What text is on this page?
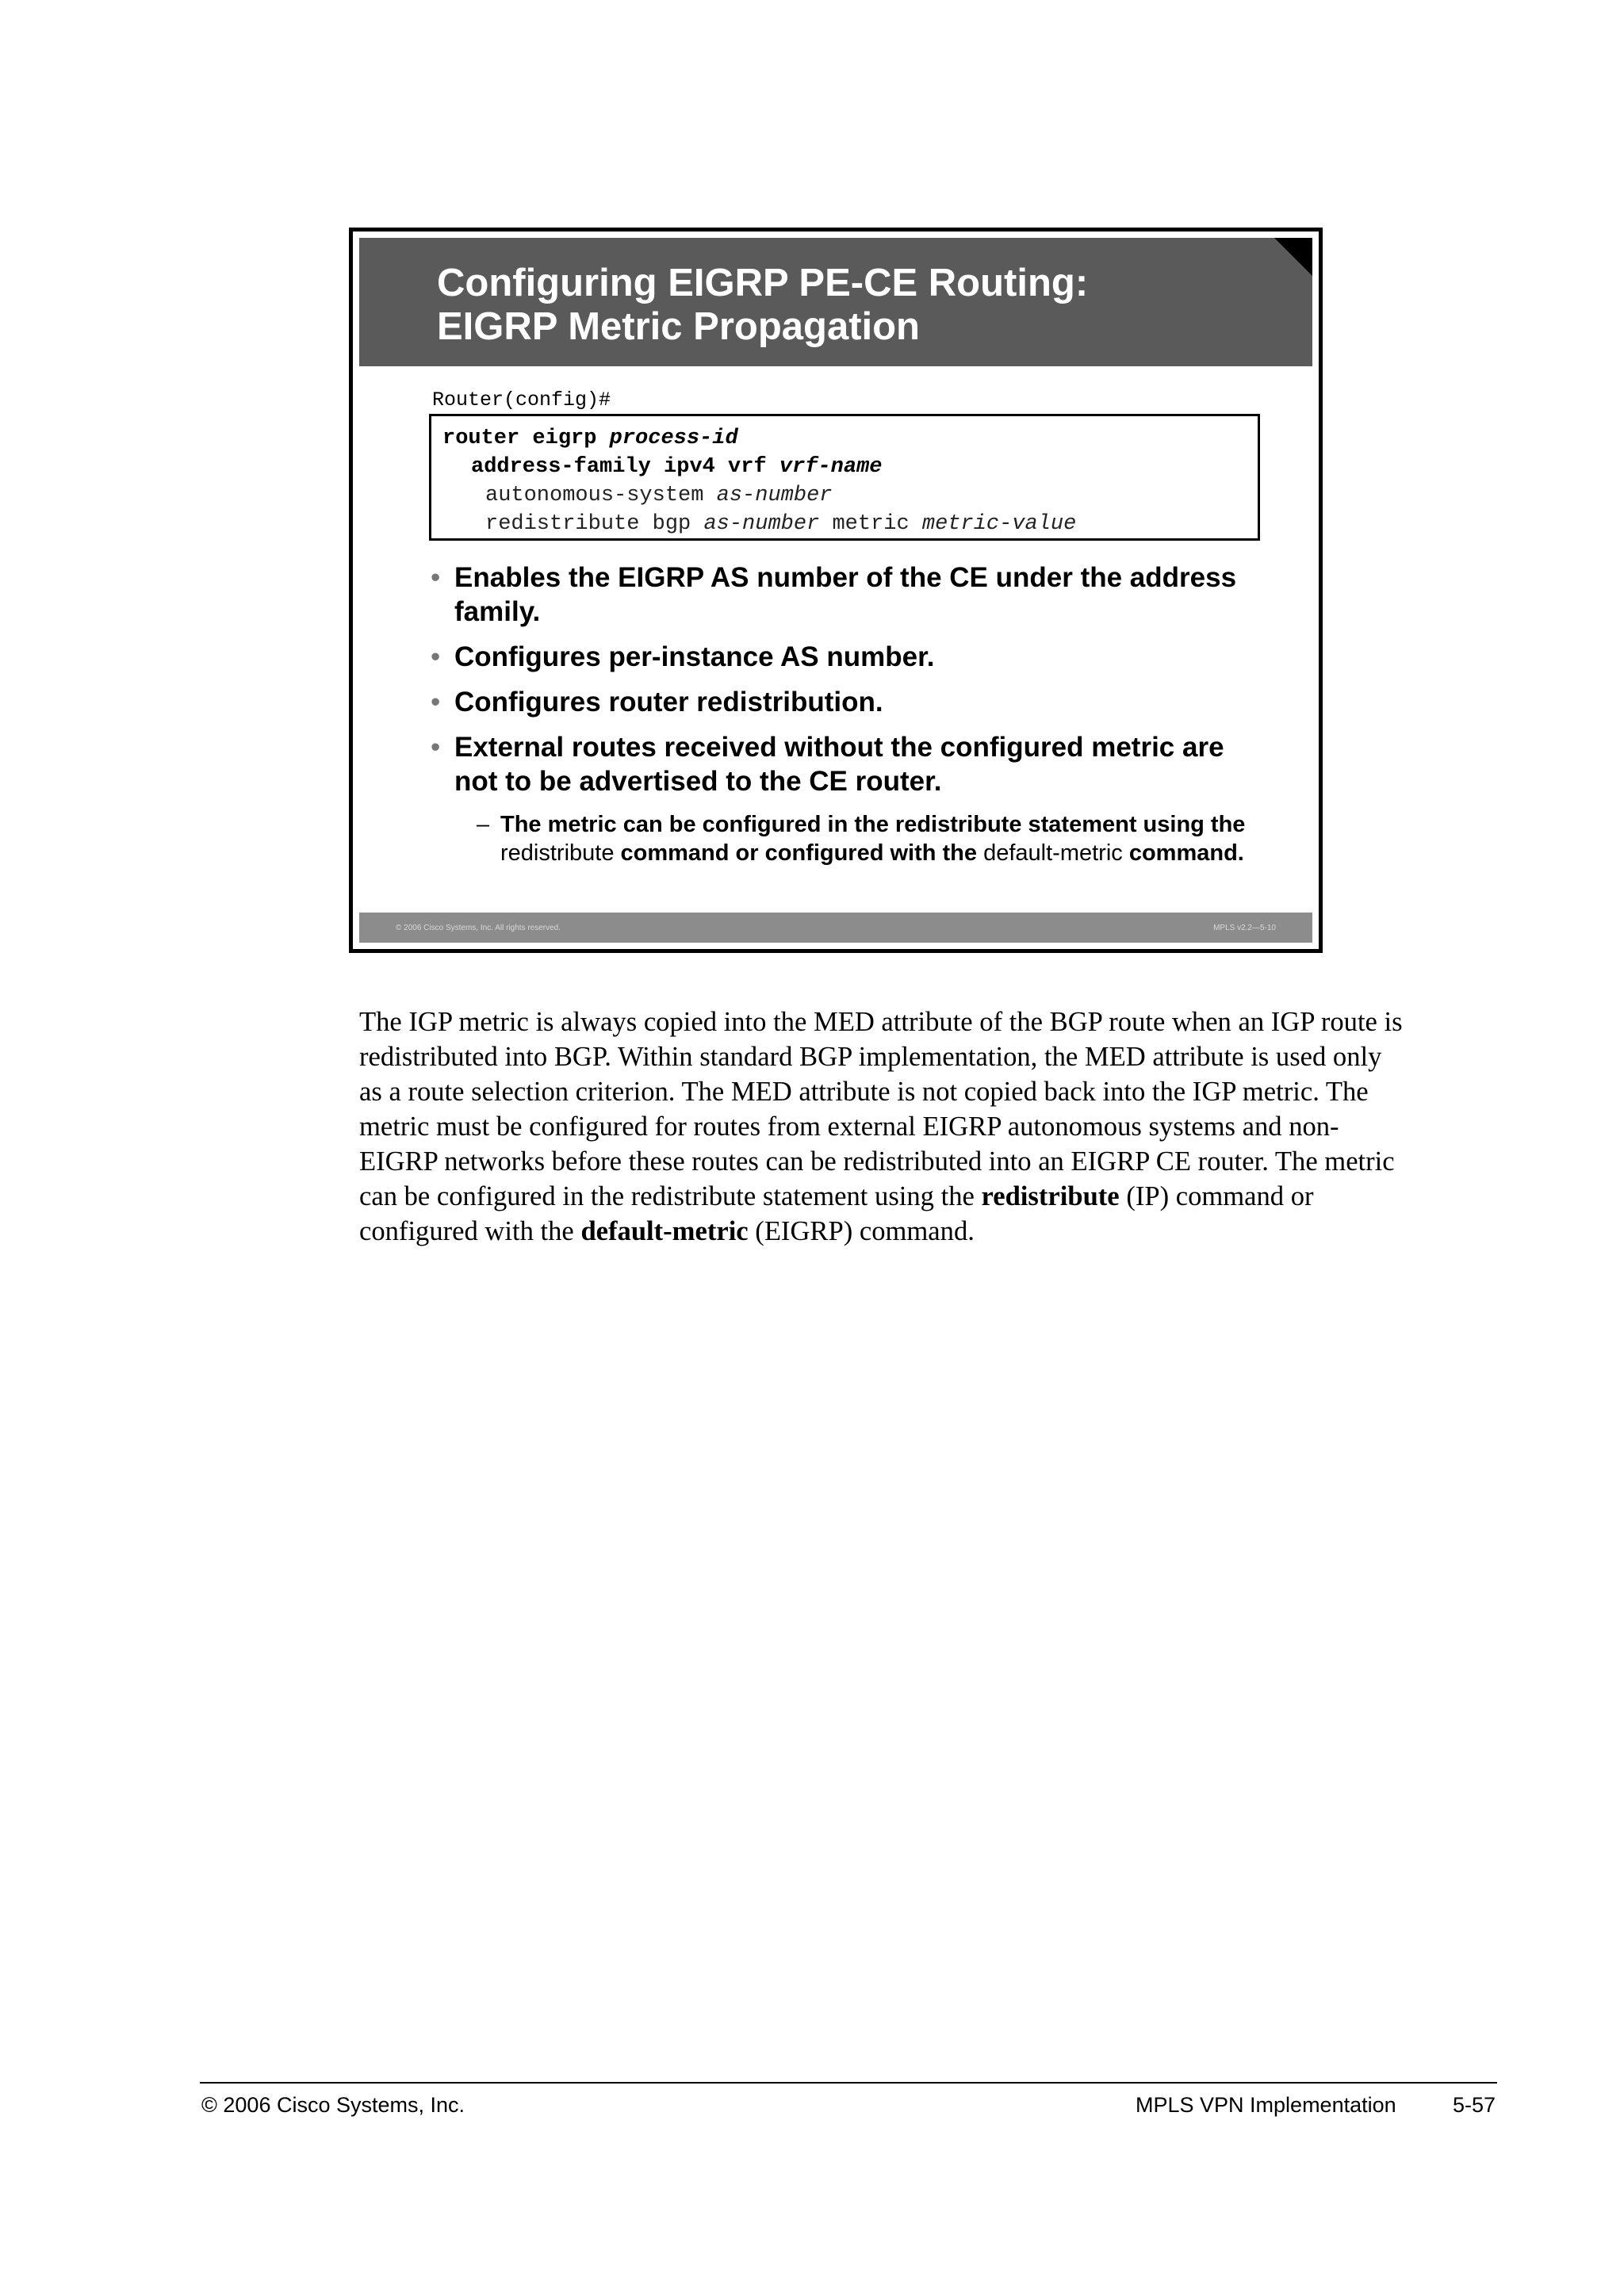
Configuring EIGRP PE-CE Routing:
EIGRP Metric Propagation
Router(config)#
router eigrp process-id
address-family ipv4 vrf vrf-name
autonomous-system as-number
redistribute bgp as-number metric metric-value
• Enables the EIGRP AS number of the CE under the address family.
• Configures per-instance AS number.
• Configures router redistribution.
• External routes received without the configured metric are not to be advertised to the CE router.
– The metric can be configured in the redistribute statement using the redistribute command or configured with the default-metric command.
© 2006 Cisco Systems, Inc. All rights reserved.	MPLS v2.2—5-10

The IGP metric is always copied into the MED attribute of the BGP route when an IGP route is
redistributed into BGP. Within standard BGP implementation, the MED attribute is used only
as a route selection criterion. The MED attribute is not copied back into the IGP metric. The
metric must be configured for routes from external EIGRP autonomous systems and non-
EIGRP networks before these routes can be redistributed into an EIGRP CE router. The metric
can be configured in the redistribute statement using the redistribute (IP) command or
configured with the default-metric (EIGRP) command.

© 2006 Cisco Systems, Inc.	MPLS VPN Implementation	5-57
